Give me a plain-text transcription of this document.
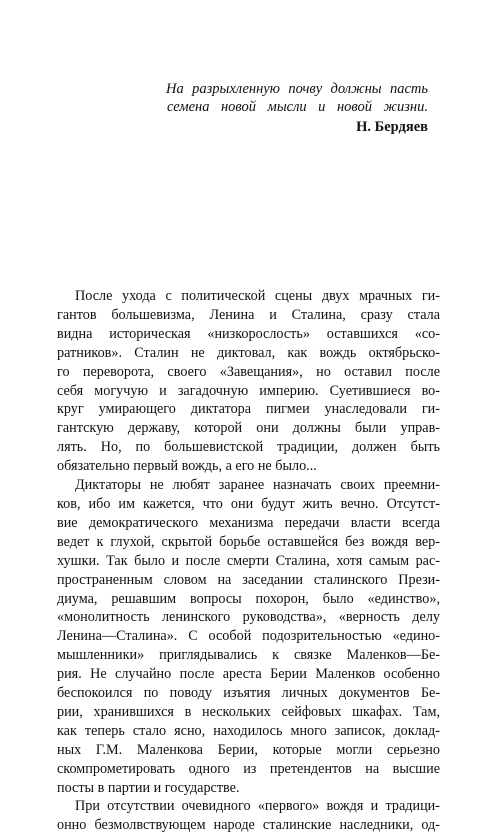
На разрыхленную почву должны пасть
семена новой мысли и новой жизни.
Н. Бердяев
После ухода с политической сцены двух мрачных ги-
гантов большевизма, Ленина и Сталина, сразу стала
видна историческая «низкорослость» оставшихся «со-
ратников». Сталин не диктовал, как вождь октябрьско-
го переворота, своего «Завещания», но оставил после
себя могучую и загадочную империю. Суетившиеся во-
круг умирающего диктатора пигмеи унаследовали ги-
гантскую державу, которой они должны были управ-
лять. Но, по большевистской традиции, должен быть
обязательно первый вождь, а его не было...
Диктаторы не любят заранее назначать своих преемни-
ков, ибо им кажется, что они будут жить вечно. Отсутст-
вие демократического механизма передачи власти всегда
ведет к глухой, скрытой борьбе оставшейся без вождя вер-
хушки. Так было и после смерти Сталина, хотя самым рас-
пространенным словом на заседании сталинского Прези-
диума, решавшим вопросы похорон, было «единство»,
«монолитность ленинского руководства», «верность делу
Ленина—Сталина». С особой подозрительностью «едино-
мышленники» приглядывались к связке Маленков—Бе-
рия. Не случайно после ареста Берии Маленков особенно
беспокоился по поводу изъятия личных документов Бе-
рии, хранившихся в нескольких сейфовых шкафах. Там,
как теперь стало ясно, находилось много записок, доклад-
ных Г.М. Маленкова Берии, которые могли серьезно
скомпрометировать одного из претендентов на высшие
посты в партии и государстве.
При отсутствии очевидного «первого» вождя и традици-
онно безмолвствующем народе сталинские наследники, од-
